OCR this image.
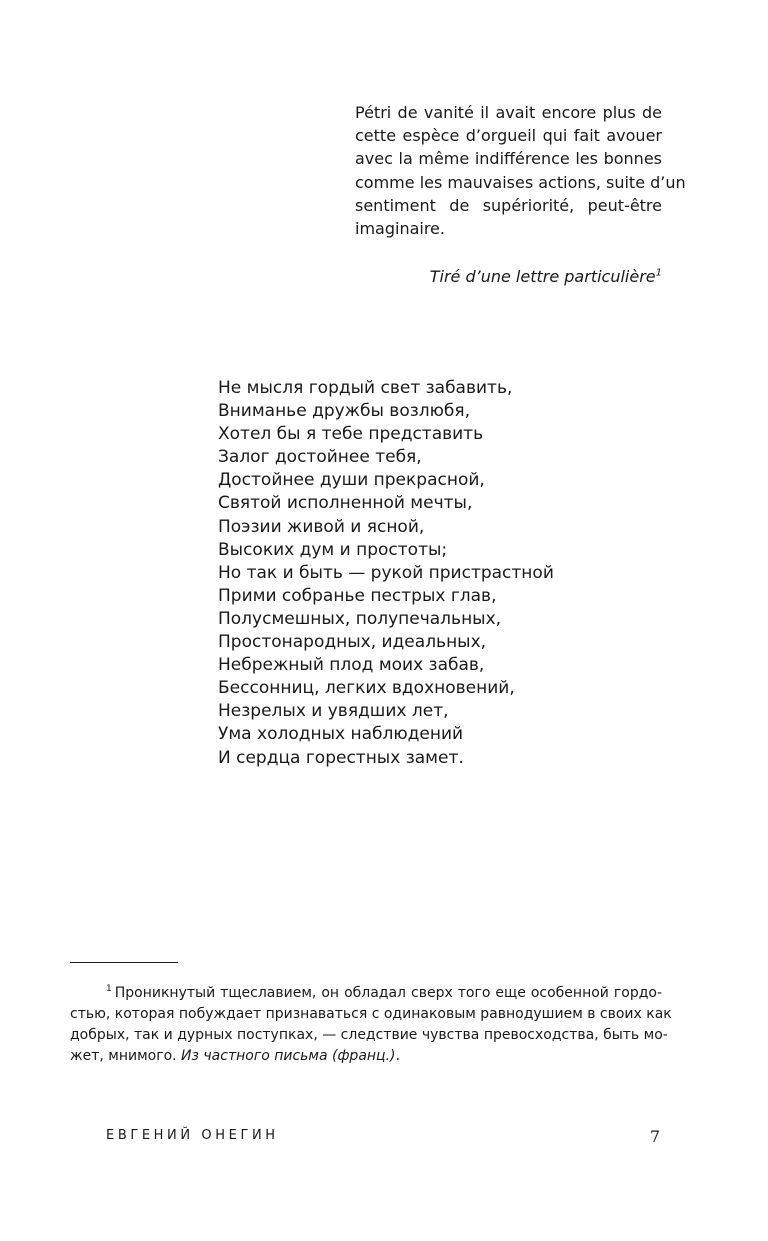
Pétri de vanité il avait encore plus de
cette espèce d’orgueil qui fait avouer
avec la même indifférence les bonnes
comme les mauvaises actions, suite d’un
sentiment de supériorité, peut-être
imaginaire.
Tiré d’une lettre particulière$^1$
Не мысля гордый свет забавить,
Вниманье дружбы возлюбя,
Хотел бы я тебе представить
Залог достойнее тебя,
Достойнее души прекрасной,
Святой исполненной мечты,
Поэзии живой и ясной,
Высоких дум и простоты;
Но так и быть — рукой пристрастной
Прими собранье пестрых глав,
Полусмешных, полупечальных,
Простонародных, идеальных,
Небрежный плод моих забав,
Бессонниц, легких вдохновений,
Незрелых и увядших лет,
Ума холодных наблюдений
И сердца горестных замет.
$^1$ Проникнутый тщеславием, он обладал сверх того еще особенной гордо-
стью, которая побуждает признаваться с одинаковым равнодушием в своих как
добрых, так и дурных поступках, — следствие чувства превосходства, быть мо-
жет, мнимого. Из частного письма (франц.).
ЕВГЕНИЙ ОНЕГИН	7
